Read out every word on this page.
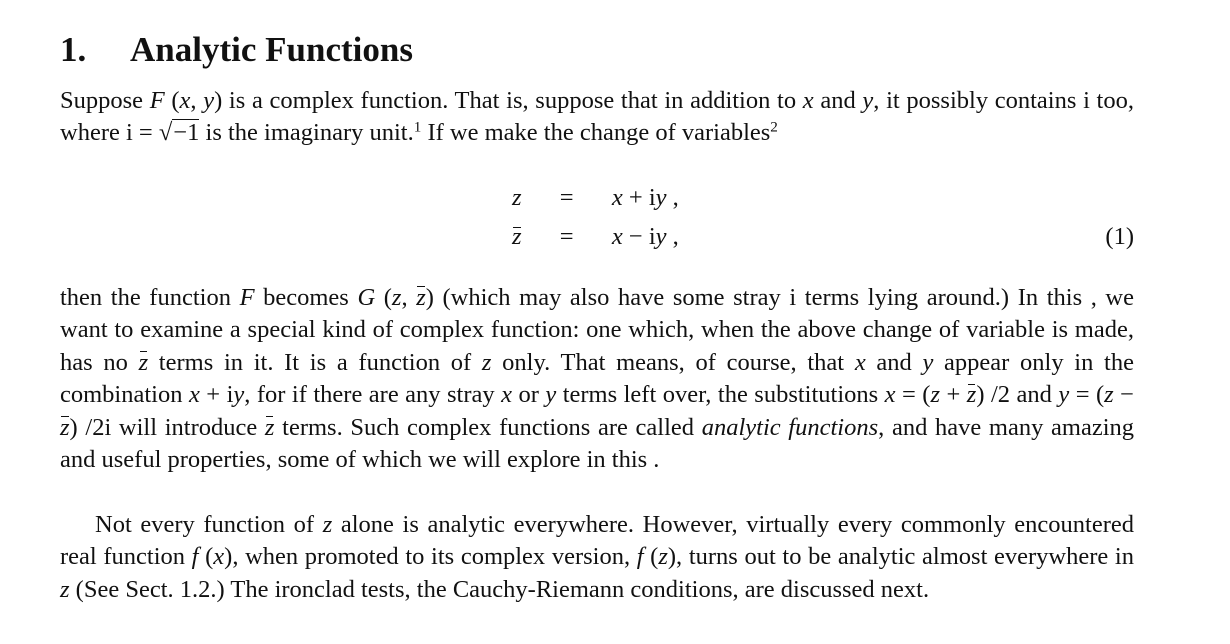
1. Analytic Functions
Suppose F (x, y) is a complex function. That is, suppose that in addition to x and y, it possibly contains i too, where i = √−1 is the imaginary unit.$^1$ If we make the change of variables$^2$
z = x + iy ,
z = x − iy ,	(1)
then the function F becomes G (z, z) (which may also have some stray i terms lying around.) In this , we want to examine a special kind of complex function: one which, when the above change of variable is made, has no z terms in it. It is a function of z only. That means, of course, that x and y appear only in the combination x + iy, for if there are any stray x or y terms left over, the substitutions x = (z + z) /2 and y = (z − z) /2i will introduce z terms. Such complex functions are called analytic functions, and have many amazing and useful properties, some of which we will explore in this .
Not every function of z alone is analytic everywhere. However, virtually every commonly encountered real function f (x), when promoted to its complex version, f (z), turns out to be analytic almost everywhere in z (See Sect. 1.2.) The ironclad tests, the Cauchy-Riemann conditions, are discussed next.
